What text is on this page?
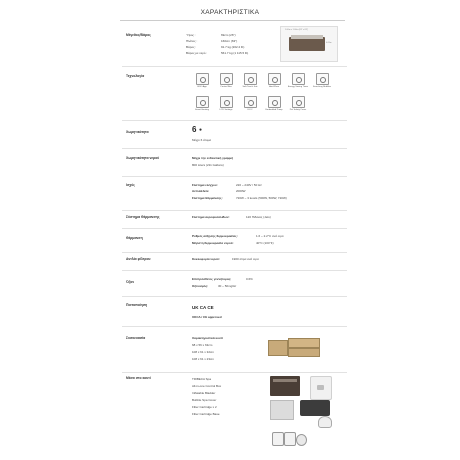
ΧΑΡΑΚΤΗΡΙΣΤΙΚΑ
Μέγεθος/Βάρος	Ύψος :	69cm (26")
Πλάτος :	160cm (63")
Βάρος :	91.7 kg (202.2 lb)
Βάρος με νερό :	561.7 kg (1 115.5 lb)
1.60m x 1.60m (63" x 63")
0.69m
Τεχνολογία
Wi-Fi App	Control Box	Soft-Touch Jets	Hard Floor	Energy Saving Timer	Scorching Bubbles
Smart Heating	LCD Settings	UV-C	Embedded Pump	Pet Safety Cover
Χωρητικότητα	6 ●
Μέχρι 6 άτομα
Χωρητικότητα νερού	Μέχρι την ενδεικτική γραμμή
800 Liters (211 Gallons)
Ισχύς	Σύστημα ελέγχου:	220 ~ 240V / 50 Hz
Αντλία/Jets:	2000W
Σύστημα Θέρμανσης:	720W ~ 3 levels (500W, 500W, 720W)
Σύστημα Θέρμανσης	Σύστημα αεροφυσαλίδων:	120 Πίδακες (Jets)
Θέρμανση	Ρυθμός αύξησης θερμοκρασίας:	1.6 ~ 2.2°C ανά ώρα
Μέγιστη θερμοκρασία νερού:	40°C (104°F)
Αντλία φίλτρου	Κυκλοφορία νερού:	1900 λίτρα ανά ώρα
Όζον
Επιπρόσθετος γεννήτορας:	0.6%
Οζονισμός:	30 ~ 50mg/Hr
Πιστοποίηση	UK CA CE
UKCA / CE approved
Συσκευασία	Χαρακτηριστικά κουτί
68 x 56 x 63cm
108 x 61 x 32cm
108 x 61 x 23cm
Μέσα στο κουτί	TRIBECA Spa
All-in-one Control Box
Inflatable Bladder
Bubble Spa Cover
Filter Cartridge x 2
Filter Cartridge Base
